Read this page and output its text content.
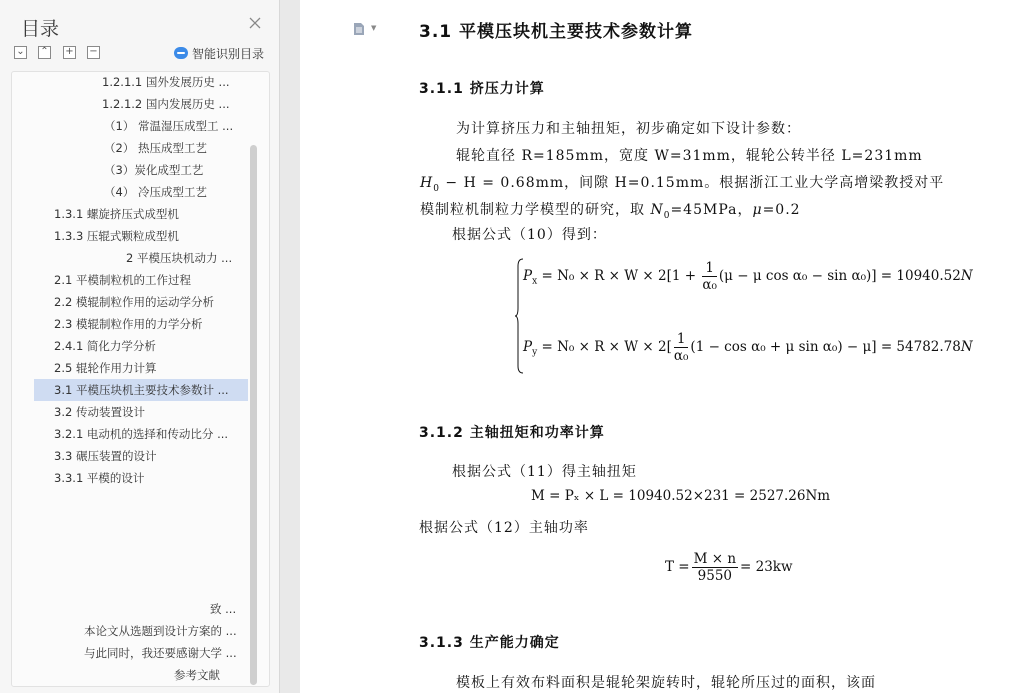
目录
⌄ ⌃ + −	智能识别目录
1.2.1.1 国外发展历史 ...
1.2.1.2 国内发展历史 ...
（1） 常温湿压成型工 ...
（2） 热压成型工艺
（3）炭化成型工艺
（4） 冷压成型工艺
1.3.1 螺旋挤压式成型机
1.3.3 压辊式颗粒成型机
2 平模压块机动力 ...
2.1 平模制粒机的工作过程
2.2 模辊制粒作用的运动学分析
2.3 模辊制粒作用的力学分析
2.4.1 简化力学分析
2.5 辊轮作用力计算
3.1 平模压块机主要技术参数计 ...
3.2 传动装置设计
3.2.1 电动机的选择和传动比分 ...
3.3 碾压装置的设计
3.3.1 平模的设计
致 ...
本论文从选题到设计方案的 ...
与此同时，我还要感谢大学 ...
参考文献
▼	3.1 平模压块机主要技术参数计算
3.1.1 挤压力计算
为计算挤压力和主轴扭矩，初步确定如下设计参数：
辊轮直径 R=185mm，宽度 W=31mm，辊轮公转半径 L=231mm
$H_0 - H = 0.68mm$，间隙 H=0.15mm。根据浙江工业大学高增梁教授对平
模制粒机制粒力学模型的研究，取 $N_0=45MPa$，μ=0.2
根据公式（10）得到：
$P_x = N_0 \times R \times W \times 2[1 + \frac{1}{\text{α₀}} (\mu - \mu$ cos α₀ − sin α₀)] = 10940.52N
$P_y = N_0 \times R \times W \times 2[ \frac{1}{\text{α₀}} (1 - \cos \alpha_0 + \mu$ sin α₀) − μ] = 54782.78N
3.1.2 主轴扭矩和功率计算
根据公式（11）得主轴扭矩
M = Pₓ × L = 10940.52×231 = 2527.26Nm
根据公式（12）主轴功率
$T = \frac{M \times n}{9550} = 23kw$
3.1.3 生产能力确定
模板上有效布料面积是辊轮架旋转时，辊轮所压过的面积，该面
